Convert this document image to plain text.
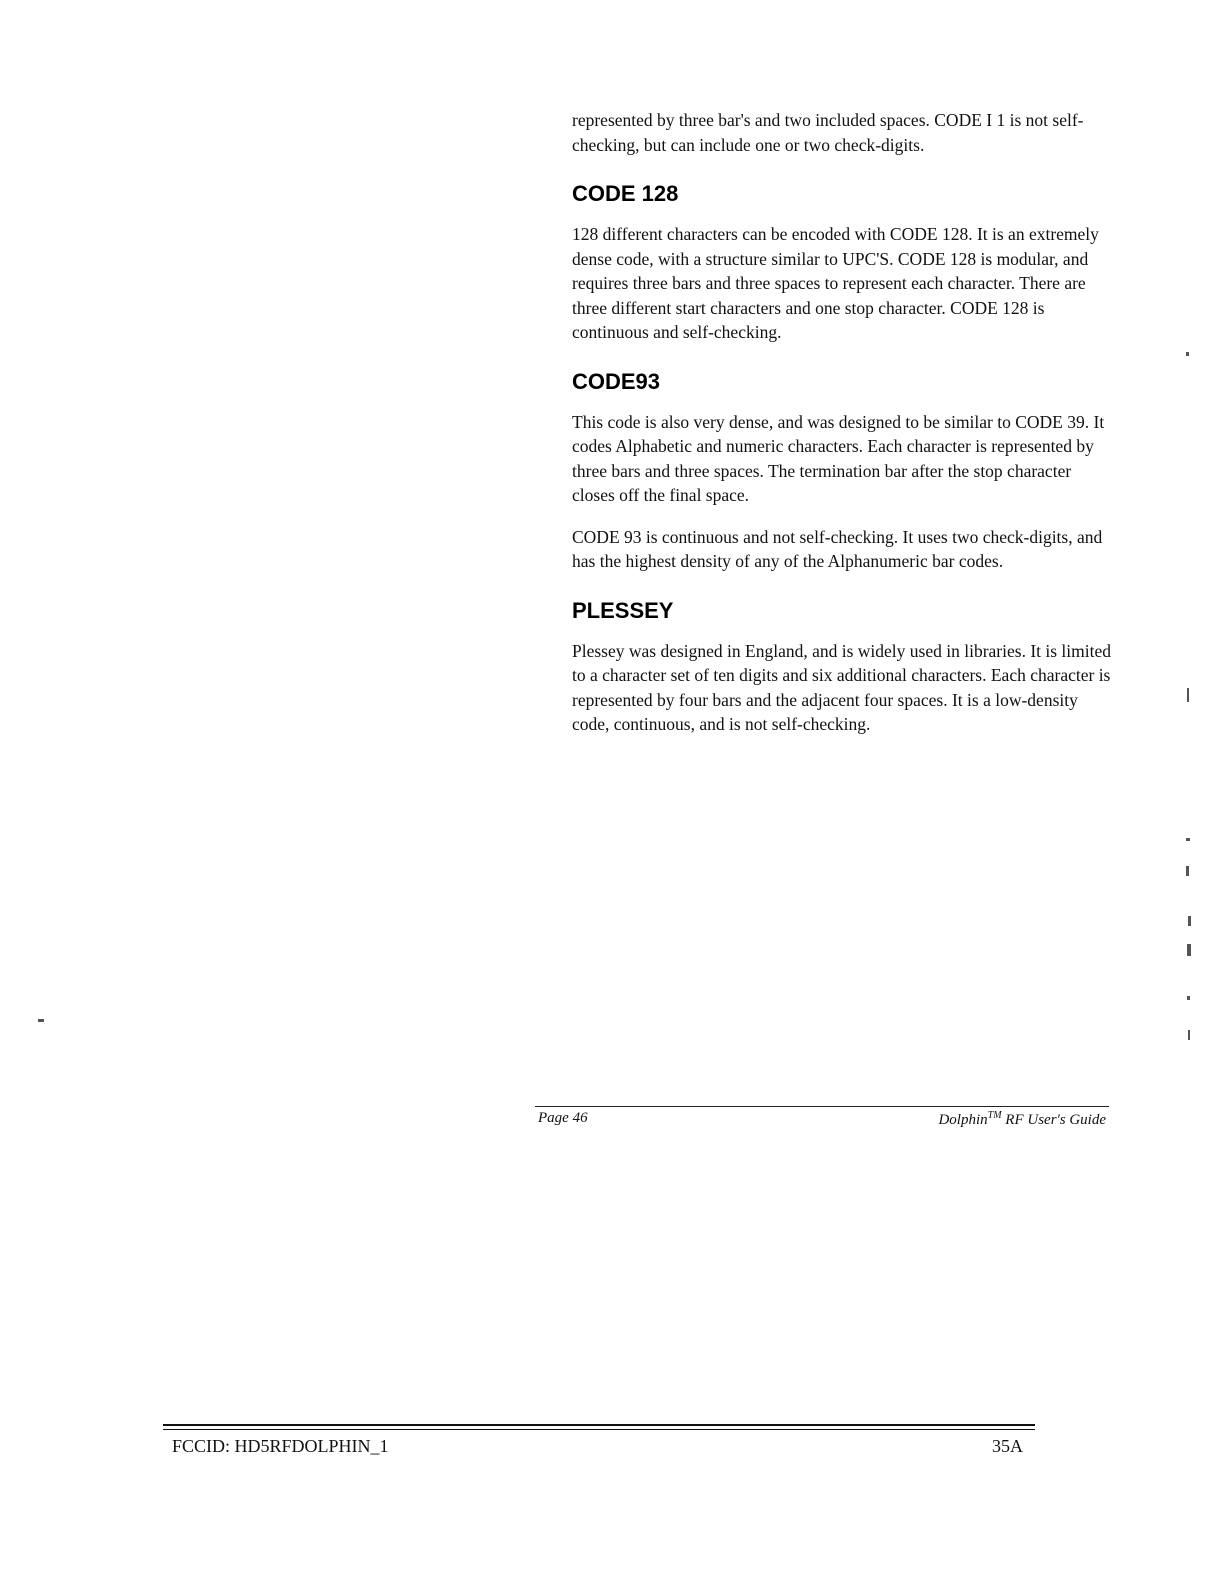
represented by three bar's and two included spaces. CODE I 1 is not self-checking, but can include one or two check-digits.

CODE 128

128 different characters can be encoded with CODE 128. It is an extremely dense code, with a structure similar to UPC'S. CODE 128 is modular, and requires three bars and three spaces to represent each character. There are three different start characters and one stop character. CODE 128 is continuous and self-checking.

CODE93

This code is also very dense, and was designed to be similar to CODE 39. It codes Alphabetic and numeric characters. Each character is represented by three bars and three spaces. The termination bar after the stop character closes off the final space.

CODE 93 is continuous and not self-checking. It uses two check-digits, and has the highest density of any of the Alphanumeric bar codes.

PLESSEY

Plessey was designed in England, and is widely used in libraries. It is limited to a character set of ten digits and six additional characters. Each character is represented by four bars and the adjacent four spaces. It is a low-density code, continuous, and is not self-checking.

Page 46	Dolphin™ RF User's Guide
FCCID: HD5RFDOLPHIN_1	35A
